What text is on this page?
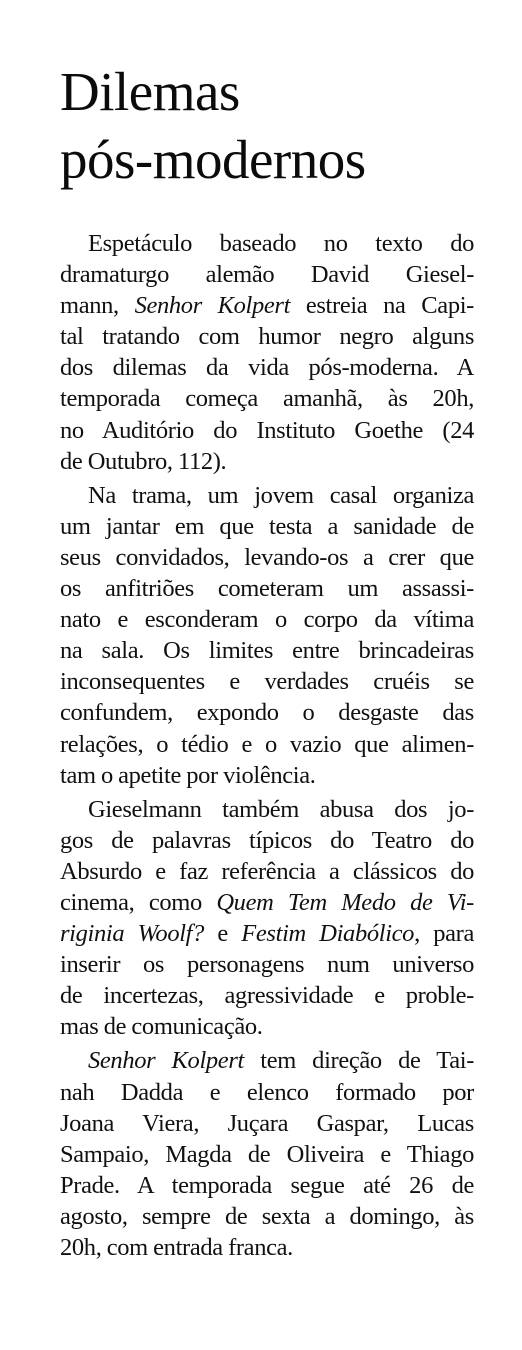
Dilemas
pós-modernos

Espetáculo baseado no texto do
dramaturgo alemão David Giesel-
mann, Senhor Kolpert estreia na Capi-
tal tratando com humor negro alguns
dos dilemas da vida pós-moderna. A
temporada começa amanhã, às 20h,
no Auditório do Instituto Goethe (24
de Outubro, 112).

Na trama, um jovem casal organiza
um jantar em que testa a sanidade de
seus convidados, levando-os a crer que
os anfitriões cometeram um assassi-
nato e esconderam o corpo da vítima
na sala. Os limites entre brincadeiras
inconsequentes e verdades cruéis se
confundem, expondo o desgaste das
relações, o tédio e o vazio que alimen-
tam o apetite por violência.

Gieselmann também abusa dos jo-
gos de palavras típicos do Teatro do
Absurdo e faz referência a clássicos do
cinema, como Quem Tem Medo de Vi-
riginia Woolf? e Festim Diabólico, para
inserir os personagens num universo
de incertezas, agressividade e proble-
mas de comunicação.

Senhor Kolpert tem direção de Tai-
nah Dadda e elenco formado por
Joana Viera, Juçara Gaspar, Lucas
Sampaio, Magda de Oliveira e Thiago
Prade. A temporada segue até 26 de
agosto, sempre de sexta a domingo, às
20h, com entrada franca.
